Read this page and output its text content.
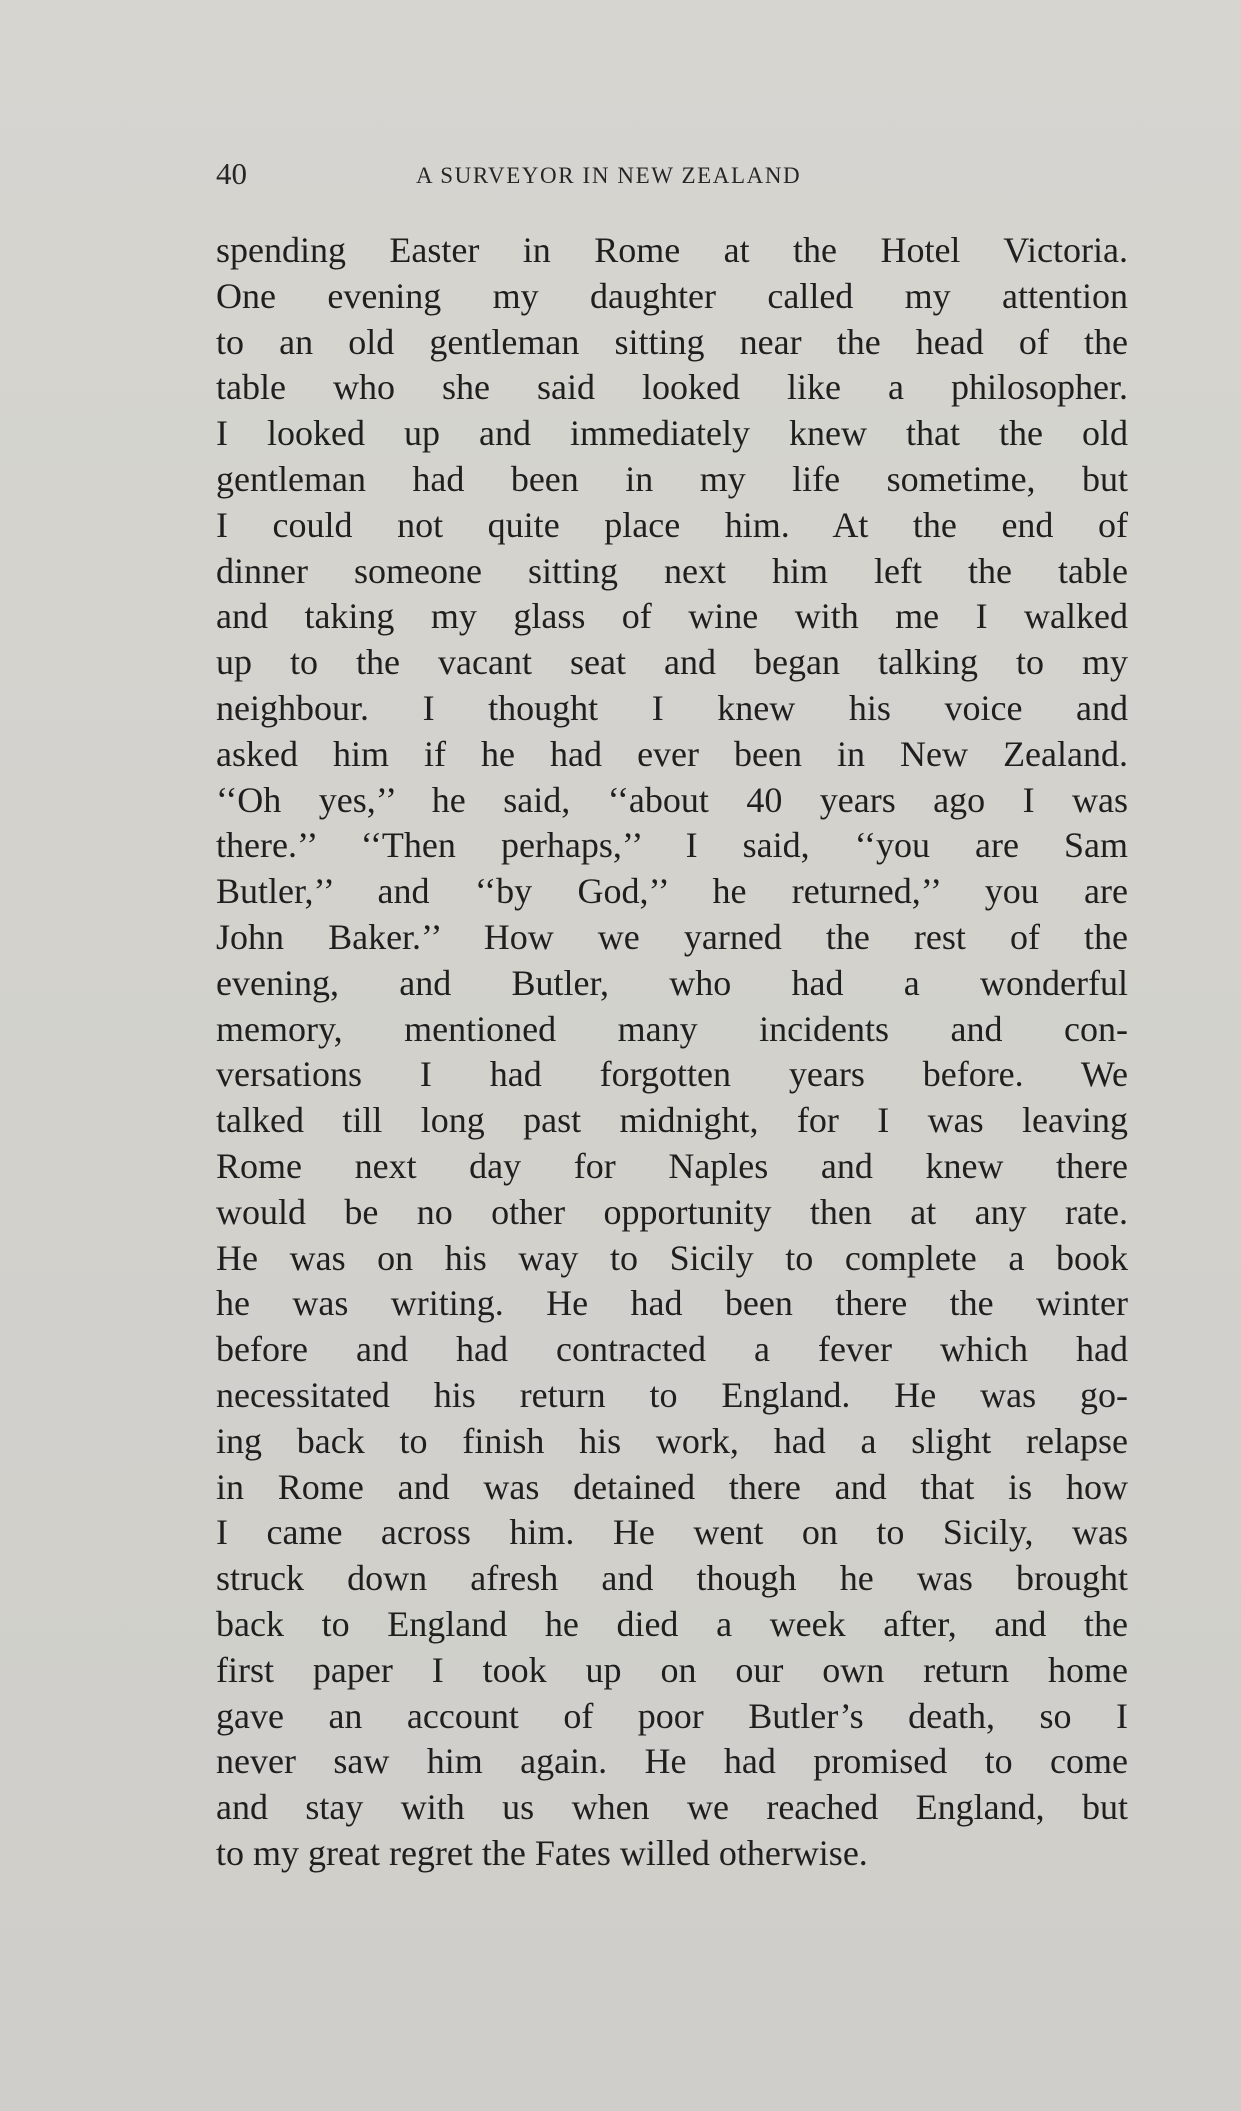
40	A SURVEYOR IN NEW ZEALAND
spending Easter in Rome at the Hotel Victoria.
One evening my daughter called my attention
to an old gentleman sitting near the head of the
table who she said looked like a philosopher.
I looked up and immediately knew that the old
gentleman had been in my life sometime, but
I could not quite place him. At the end of
dinner someone sitting next him left the table
and taking my glass of wine with me I walked
up to the vacant seat and began talking to my
neighbour. I thought I knew his voice and
asked him if he had ever been in New Zealand.
‘‘Oh yes,’’ he said, ‘‘about 40 years ago I was
there.’’ ‘‘Then perhaps,’’ I said, ‘‘you are Sam
Butler,’’ and ‘‘by God,’’ he returned,’’ you are
John Baker.’’ How we yarned the rest of the
evening, and Butler, who had a wonderful
memory, mentioned many incidents and con-
versations I had forgotten years before. We
talked till long past midnight, for I was leaving
Rome next day for Naples and knew there
would be no other opportunity then at any rate.
He was on his way to Sicily to complete a book
he was writing. He had been there the winter
before and had contracted a fever which had
necessitated his return to England. He was go-
ing back to finish his work, had a slight relapse
in Rome and was detained there and that is how
I came across him. He went on to Sicily, was
struck down afresh and though he was brought
back to England he died a week after, and the
first paper I took up on our own return home
gave an account of poor Butler’s death, so I
never saw him again. He had promised to come
and stay with us when we reached England, but
to my great regret the Fates willed otherwise.
